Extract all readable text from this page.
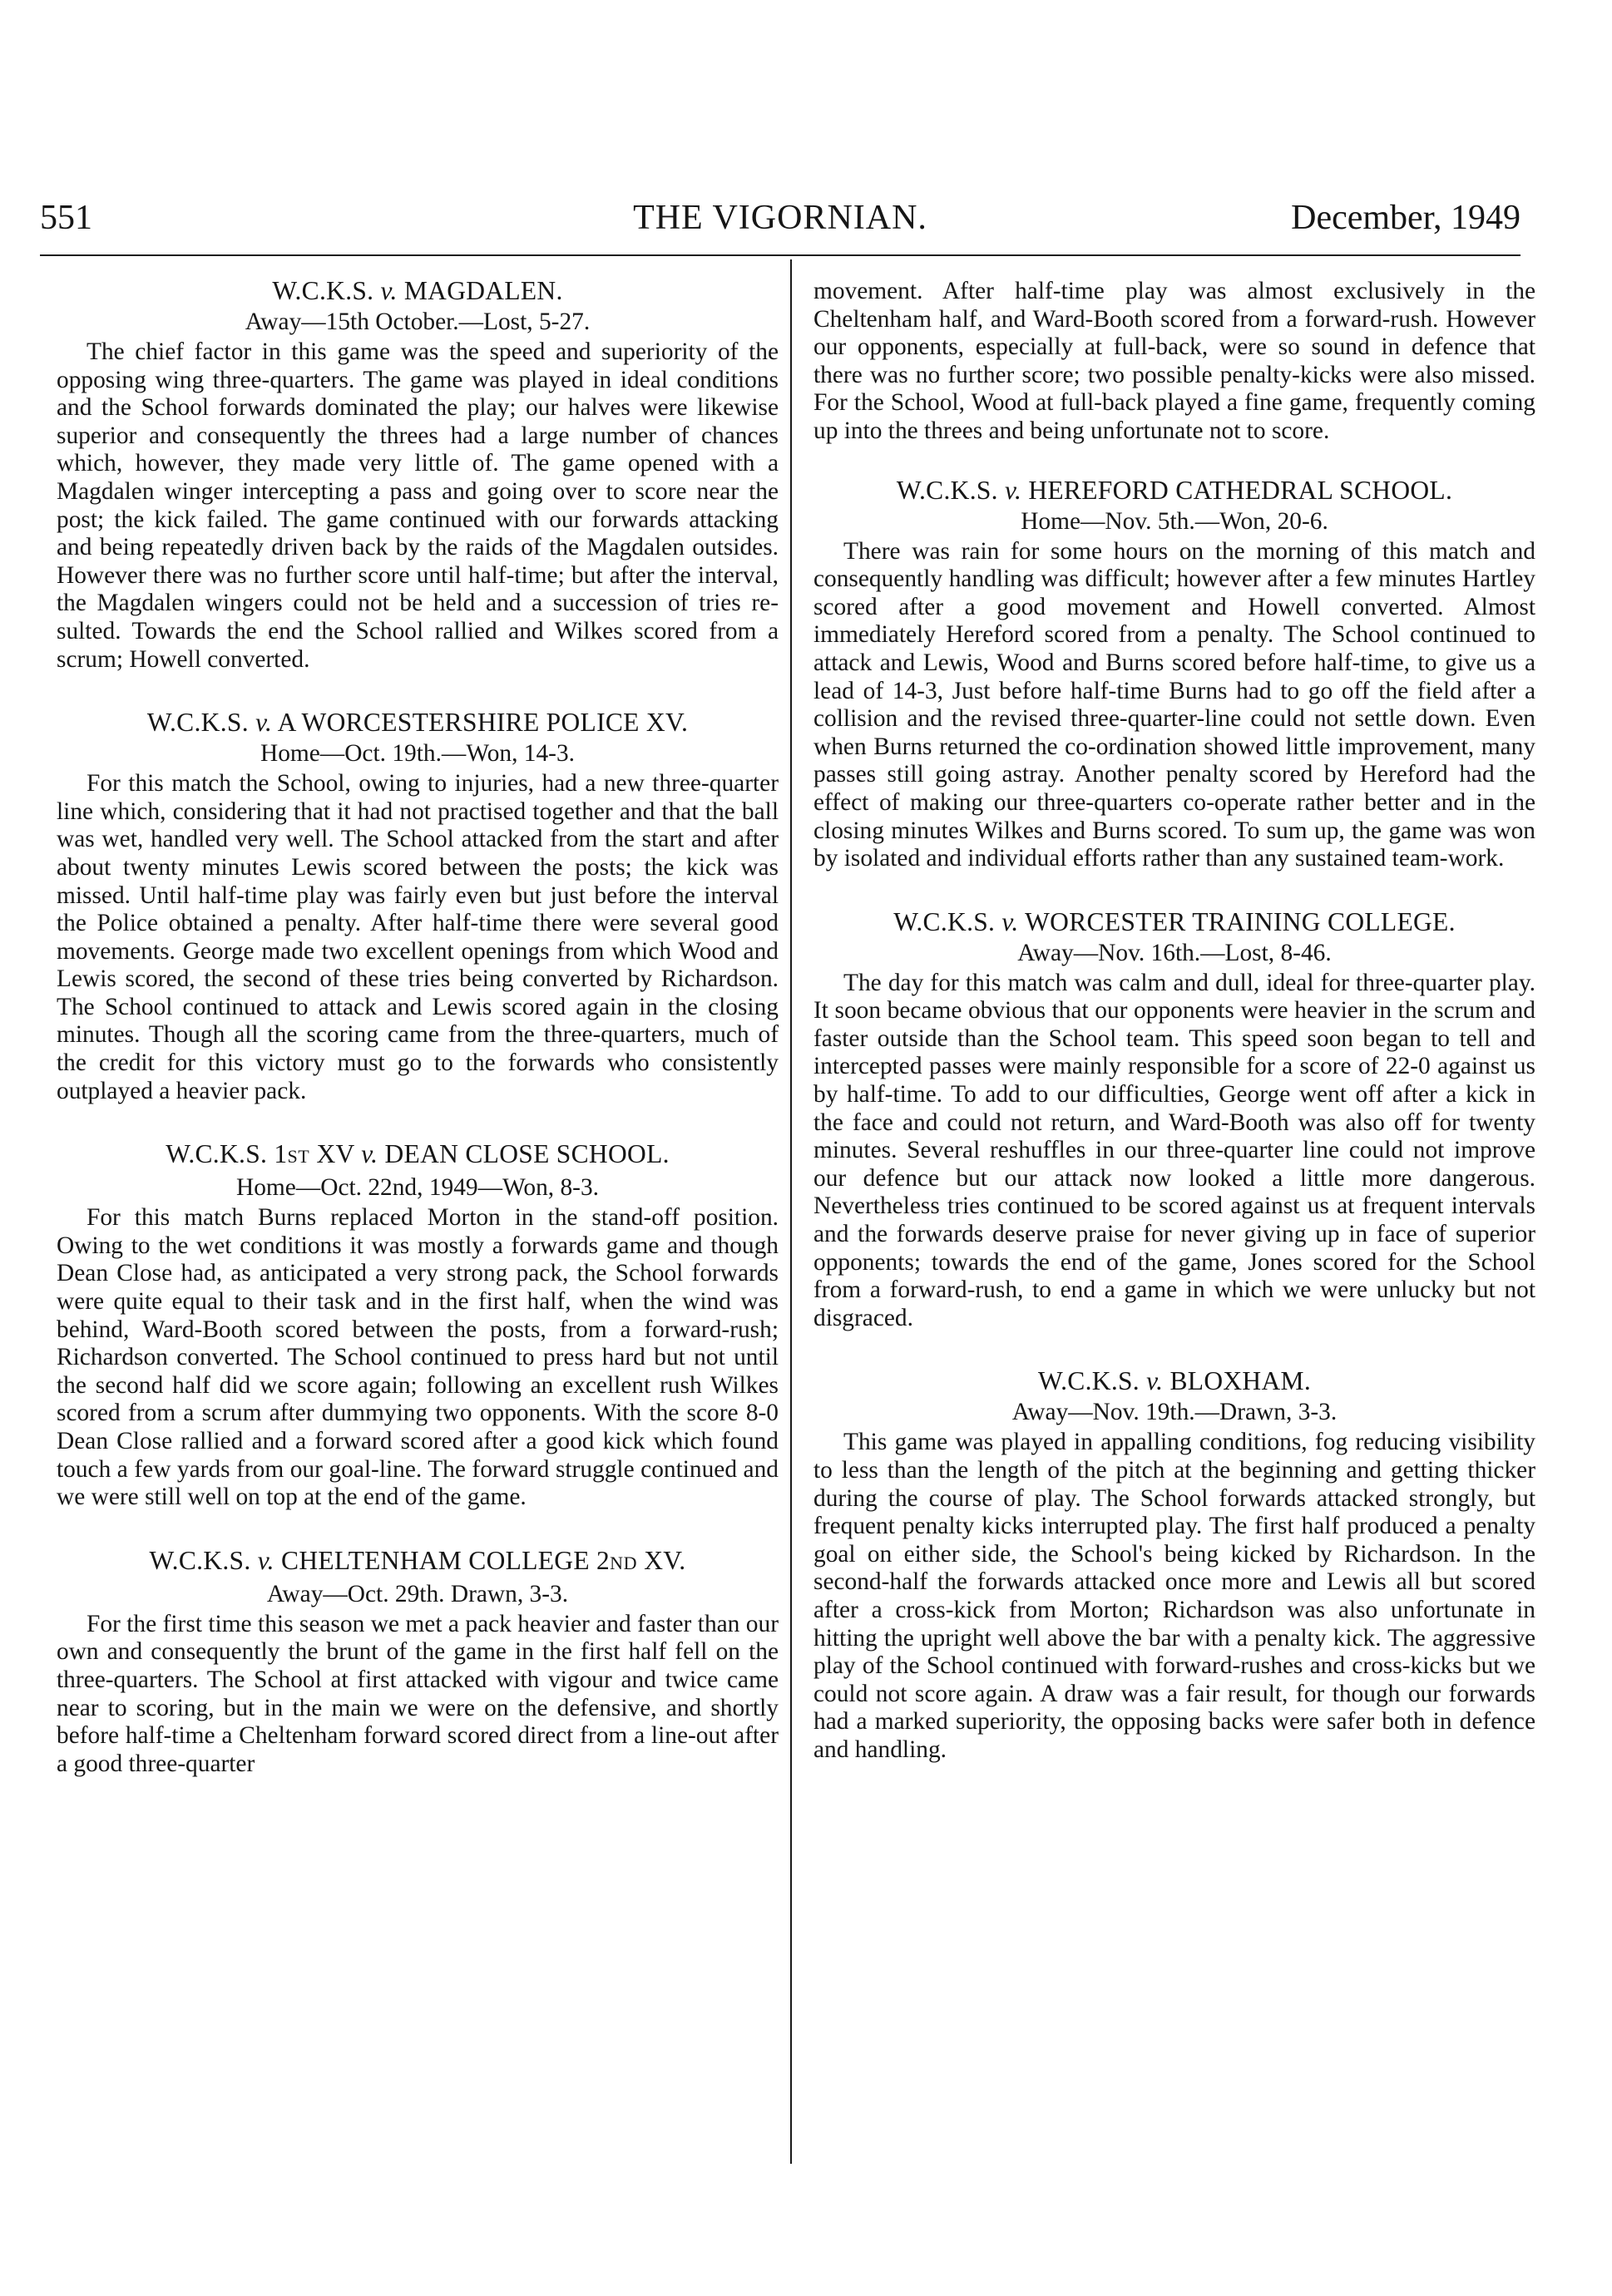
551	THE VIGORNIAN.	December, 1949
W.C.K.S. v. MAGDALEN.
Away—15th October.—Lost, 5-27.

The chief factor in this game was the speed and superiority of the opposing wing three-quarters. The game was played in ideal conditions and the School forwards dominated the play; our halves were likewise superior and consequently the threes had a large number of chances which, however, they made very little of. The game opened with a Magdalen winger intercepting a pass and going over to score near the post; the kick failed. The game continued with our forwards attacking and being repeatedly driven back by the raids of the Magdalen outsides. However there was no further score until half-time; but after the interval, the Magdalen wingers could not be held and a succession of tries resulted. Towards the end the School rallied and Wilkes scored from a scrum; Howell converted.

W.C.K.S. v. A WORCESTERSHIRE POLICE XV.
Home—Oct. 19th.—Won, 14-3.

For this match the School, owing to injuries, had a new three-quarter line which, considering that it had not practised together and that the ball was wet, handled very well. The School attacked from the start and after about twenty minutes Lewis scored between the posts; the kick was missed. Until half-time play was fairly even but just before the interval the Police obtained a penalty. After half-time there were several good movements. George made two excellent openings from which Wood and Lewis scored, the second of these tries being converted by Richardson. The School continued to attack and Lewis scored again in the closing minutes. Though all the scoring came from the three-quarters, much of the credit for this victory must go to the forwards who consistently outplayed a heavier pack.

W.C.K.S. 1ST XV v. DEAN CLOSE SCHOOL.
Home—Oct. 22nd, 1949—Won, 8-3.

For this match Burns replaced Morton in the stand-off position. Owing to the wet conditions it was mostly a forwards game and though Dean Close had, as anticipated a very strong pack, the School forwards were quite equal to their task and in the first half, when the wind was behind, Ward-Booth scored between the posts, from a forward-rush; Richardson converted. The School continued to press hard but not until the second half did we score again; following an excellent rush Wilkes scored from a scrum after dummying two opponents. With the score 8-0 Dean Close rallied and a forward scored after a good kick which found touch a few yards from our goal-line. The forward struggle continued and we were still well on top at the end of the game.

W.C.K.S. v. CHELTENHAM COLLEGE 2ND XV.
Away—Oct. 29th. Drawn, 3-3.

For the first time this season we met a pack heavier and faster than our own and consequently the brunt of the game in the first half fell on the three-quarters. The School at first attacked with vigour and twice came near to scoring, but in the main we were on the defensive, and shortly before half-time a Cheltenham forward scored direct from a line-out after a good three-quarter

movement. After half-time play was almost exclusively in the Cheltenham half, and Ward-Booth scored from a forward-rush. However our opponents, especially at full-back, were so sound in defence that there was no further score; two possible penalty-kicks were also missed. For the School, Wood at full-back played a fine game, frequently coming up into the threes and being unfortunate not to score.

W.C.K.S. v. HEREFORD CATHEDRAL SCHOOL.
Home—Nov. 5th.—Won, 20-6.

There was rain for some hours on the morning of this match and consequently handling was difficult; however after a few minutes Hartley scored after a good movement and Howell converted. Almost immediately Hereford scored from a penalty. The School continued to attack and Lewis, Wood and Burns scored before half-time, to give us a lead of 14-3, Just before half-time Burns had to go off the field after a collision and the revised three-quarter-line could not settle down. Even when Burns returned the co-ordination showed little improvement, many passes still going astray. Another penalty scored by Hereford had the effect of making our three-quarters co-operate rather better and in the closing minutes Wilkes and Burns scored. To sum up, the game was won by isolated and individual efforts rather than any sustained team-work.

W.C.K.S. v. WORCESTER TRAINING COLLEGE.
Away—Nov. 16th.—Lost, 8-46.

The day for this match was calm and dull, ideal for three-quarter play. It soon became obvious that our opponents were heavier in the scrum and faster outside than the School team. This speed soon began to tell and intercepted passes were mainly responsible for a score of 22-0 against us by half-time. To add to our difficulties, George went off after a kick in the face and could not return, and Ward-Booth was also off for twenty minutes. Several reshuffles in our three-quarter line could not improve our defence but our attack now looked a little more dangerous. Nevertheless tries continued to be scored against us at frequent intervals and the forwards deserve praise for never giving up in face of superior opponents; towards the end of the game, Jones scored for the School from a forward-rush, to end a game in which we were unlucky but not disgraced.

W.C.K.S. v. BLOXHAM.
Away—Nov. 19th.—Drawn, 3-3.

This game was played in appalling conditions, fog reducing visibility to less than the length of the pitch at the beginning and getting thicker during the course of play. The School forwards attacked strongly, but frequent penalty kicks interrupted play. The first half produced a penalty goal on either side, the School's being kicked by Richardson. In the second-half the forwards attacked once more and Lewis all but scored after a cross-kick from Morton; Richardson was also unfortunate in hitting the upright well above the bar with a penalty kick. The aggressive play of the School continued with forward-rushes and cross-kicks but we could not score again. A draw was a fair result, for though our forwards had a marked superiority, the opposing backs were safer both in defence and handling.
